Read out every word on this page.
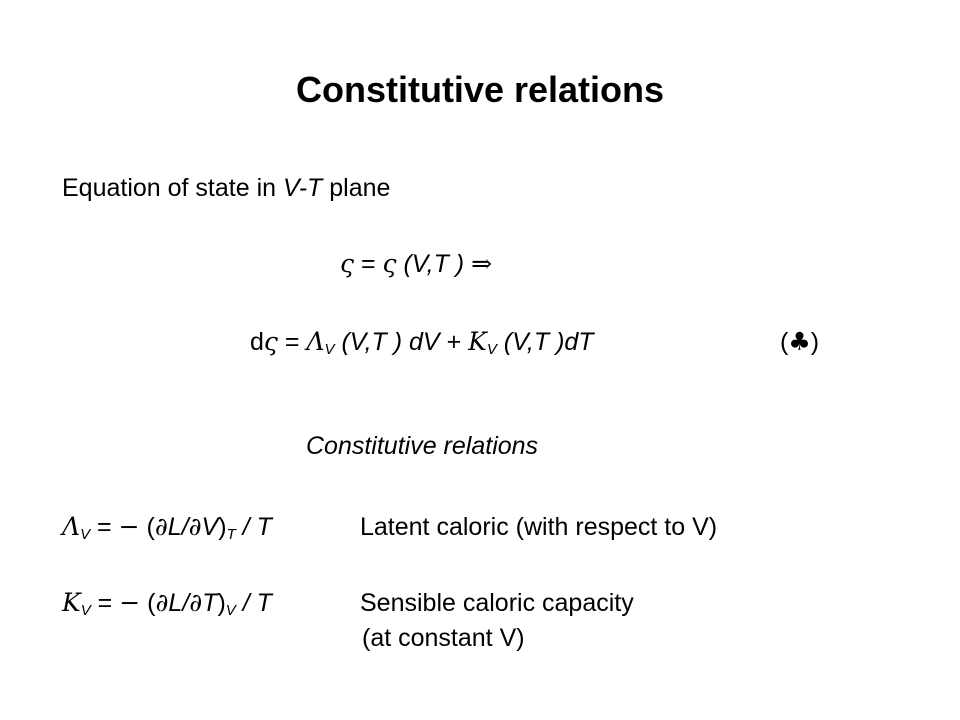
Constitutive relations
Equation of state in V-T plane
ς = ς (V,T ) ⇒
$d\varsigma = \Lambda_V$ (V,T ) dV + $K_V$ (V,T )dT	(♣)
Constitutive relations
$\Lambda_V$ = − $(\partial L/\partial V)_T$ / T	Latent caloric (with respect to V)
$K_V$ = − $(\partial L/\partial T)_V$ / T	Sensible caloric capacity
(at constant V)
